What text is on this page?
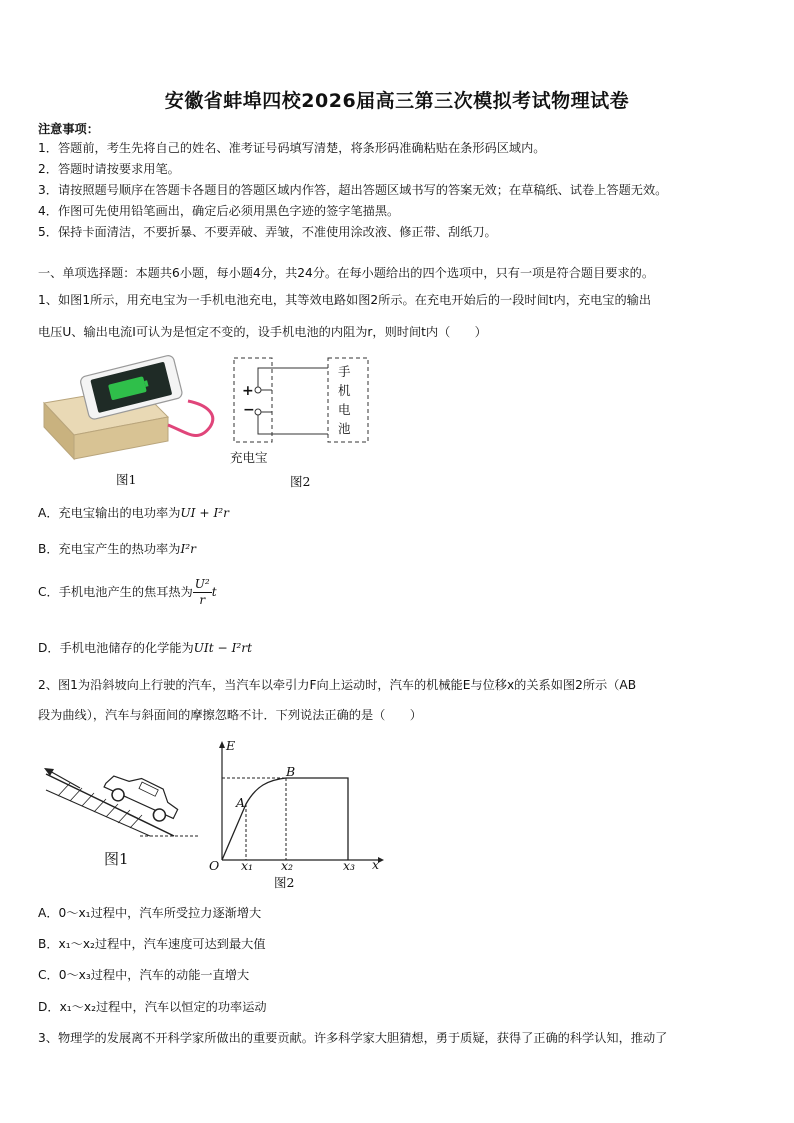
安徽省蚌埠四校2026届高三第三次模拟考试物理试卷
注意事项：
1．答题前，考生先将自己的姓名、准考证号码填写清楚，将条形码准确粘贴在条形码区域内。
2．答题时请按要求用笔。
3．请按照题号顺序在答题卡各题目的答题区域内作答，超出答题区域书写的答案无效；在草稿纸、试卷上答题无效。
4．作图可先使用铅笔画出，确定后必须用黑色字迹的签字笔描黑。
5．保持卡面清洁，不要折暴、不要弄破、弄皱，不准使用涂改液、修正带、刮纸刀。
一、单项选择题：本题共6小题，每小题4分，共24分。在每小题给出的四个选项中，只有一项是符合题目要求的。
1、如图1所示，用充电宝为一手机电池充电，其等效电路如图2所示。在充电开始后的一段时间t内，充电宝的输出
电压U、输出电流I可认为是恒定不变的，设手机电池的内阻为r，则时间t内（　　）
图1
+
−
手
机
电
池
充电宝
图2
A．充电宝输出的电功率为UI + I²r
B．充电宝产生的热功率为I²r
C．手机电池产生的焦耳热为 $\frac{\text{U²}}{r}$ t
D．手机电池储存的化学能为UIt − I²rt
2、图1为沿斜坡向上行驶的汽车，当汽车以牵引力F向上运动时，汽车的机械能E与位移x的关系如图2所示（AB
段为曲线），汽车与斜面间的摩擦忽略不计．下列说法正确的是（　　）
图1
E
A
B
O x₁ x₂	x₃ x
图2
A．0～x₁过程中，汽车所受拉力逐渐增大
B．x₁～x₂过程中，汽车速度可达到最大值
C．0～x₃过程中，汽车的动能一直增大
D．x₁～x₂过程中，汽车以恒定的功率运动
3、物理学的发展离不开科学家所做出的重要贡献。许多科学家大胆猜想，勇于质疑，获得了正确的科学认知，推动了
